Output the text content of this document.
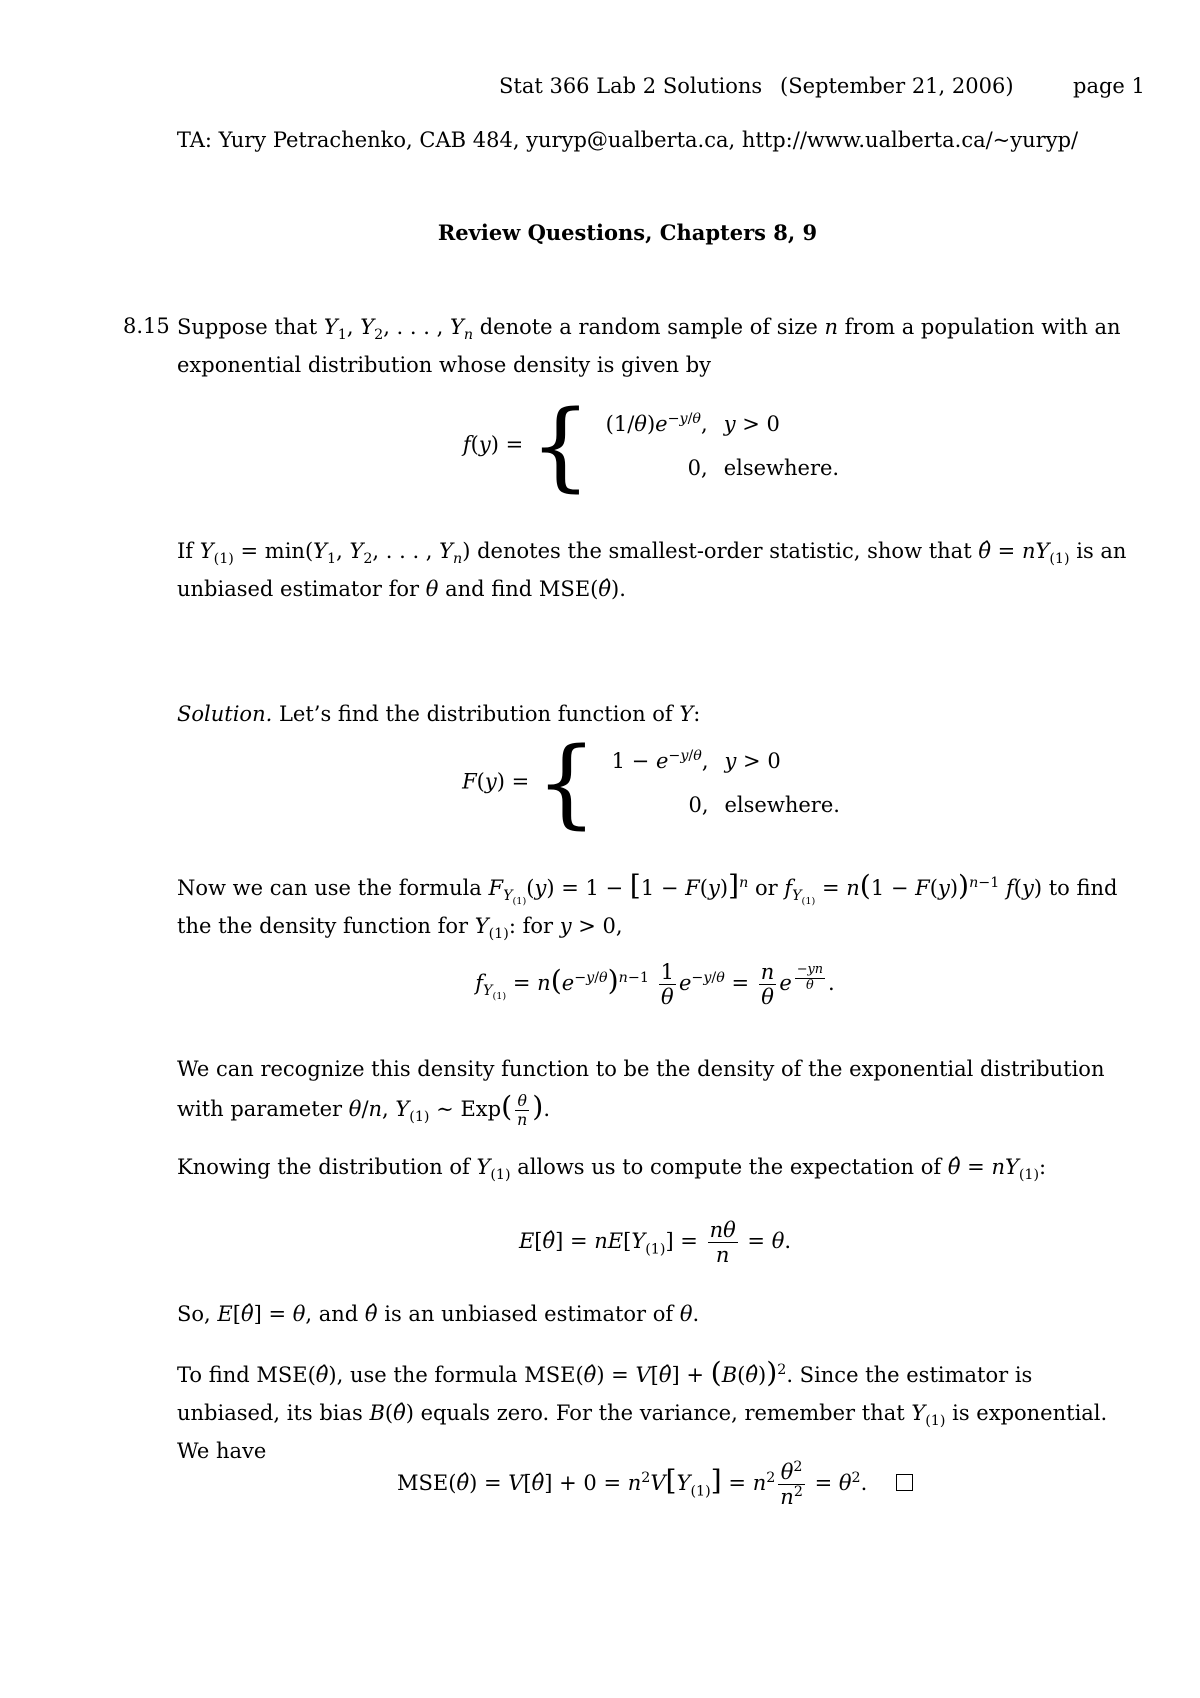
Stat 366 Lab 2 Solutions (September 21, 2006)	page 1
TA: Yury Petrachenko, CAB 484, yuryp@ualberta.ca, http://www.ualberta.ca/~yuryp/
Review Questions, Chapters 8, 9
8.15 Suppose that $Y_1$, $Y_2$, . . . , $Y_n$ denote a random sample of size n from a population with an exponential distribution whose density is given by
f(y) = { $(1/\theta)e^{-y/\theta}$,	y > 0
0,	elsewhere.
If $Y_{(1)} = \min(Y_1$, $Y_2$, . . . , $Y_n$) denotes the smallest-order statistic, show that θ̂ = $nY_{(1)}$ is an unbiased estimator for θ and find MSE(θ̂).
Solution. Let’s find the distribution function of Y:
F(y) = { $1 - e^{-y/\theta}$,	y > 0
0,	elsewhere.
Now we can use the formula $F_{Y_{(1)}}(y) = 1 - [1 - F(y)]^n$ or $f_{Y_{(1)}} = n(1 - F(y))^{n-1}$ f(y) to find the the density function for $Y_{(1)}$: for y > 0,
$f_{Y_{(1)}} = n(e^{-y/\theta})^{n-1} \frac{1}{\theta} e^{-y/\theta} = \frac{n}{\theta}$ e $^{\frac{-yn}{\theta}}$ .
We can recognize this density function to be the density of the exponential distribution with parameter θ/n, $Y_{(1)}$ ∼ $Exp( \frac{\theta}{n}$ ).
Knowing the distribution of $Y_{(1)}$ allows us to compute the expectation of θ̂ = $nY_{(1)}$:
E[θ̂] = $nE[Y_{(1)}] = \frac{n\theta}{n} = \theta$.
So, E[θ̂] = θ, and θ̂ is an unbiased estimator of θ.
To find MSE(θ̂), use the formula MSE(θ̂) = V[θ̂] + (B(θ̂))$^2$. Since the estimator is unbiased, its bias B(θ̂) equals zero. For the variance, remember that $Y_{(1)}$ is exponential. We have
MSE(θ̂) = V[θ̂] + $0 = n^2V[Y_{(1)}] = n^2 \frac{\theta^2}{n^2} = \theta^2$.
